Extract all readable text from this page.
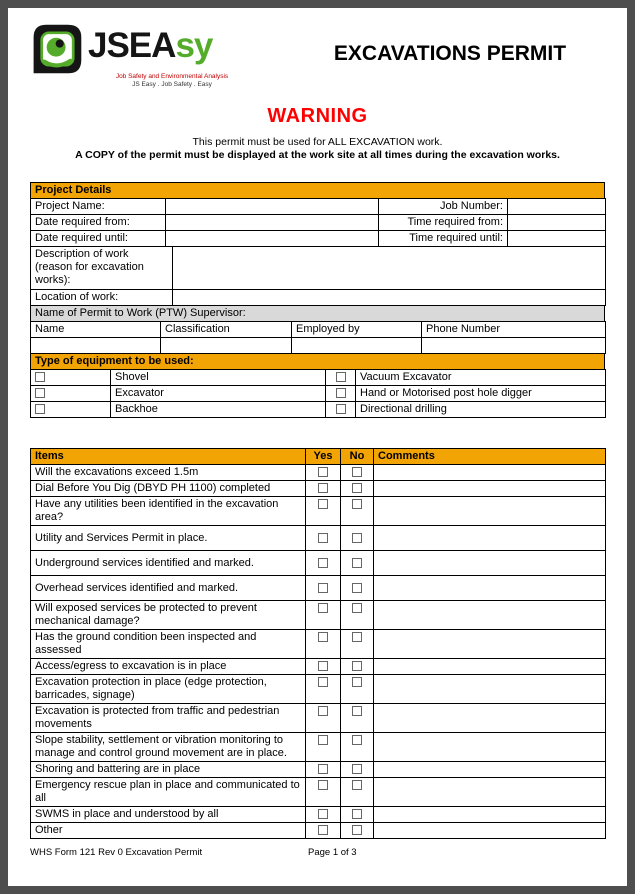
JSEAsy
Job Safety and Environmental Analysis
JS Easy . Job Safety . Easy
EXCAVATIONS PERMIT
WARNING
This permit must be used for ALL EXCAVATION work.
A COPY of the permit must be displayed at the work site at all times during the excavation works.
Project Details
Project Name:		Job Number:	
Date required from:		Time required from:	
Date required until:		Time required until:	
Description of work (reason for excavation works):	
Location of work:	
Name of Permit to Work (PTW) Supervisor:
Name	Classification	Employed by	Phone Number

Type of equipment to be used:
	Shovel		Vacuum Excavator
	Excavator		Hand or Motorised post hole digger
	Backhoe		Directional drilling
Items	Yes	No	Comments
Will the excavations exceed 1.5m			
Dial Before You Dig (DBYD PH 1100) completed			
Have any utilities been identified in the excavation area?			
Utility and Services Permit in place.			
Underground services identified and marked.			
Overhead services identified and marked.			
Will exposed services be protected to prevent mechanical damage?			
Has the ground condition been inspected and assessed			
Access/egress to excavation is in place			
Excavation protection in place (edge protection, barricades, signage)			
Excavation is protected from traffic and pedestrian movements			
Slope stability, settlement or vibration monitoring to manage and control ground movement are in place.			
Shoring and battering are in place			
Emergency rescue plan in place and communicated to all			
SWMS in place and understood by all			
Other			
WHS Form 121 Rev 0 Excavation Permit	Page 1 of 3
